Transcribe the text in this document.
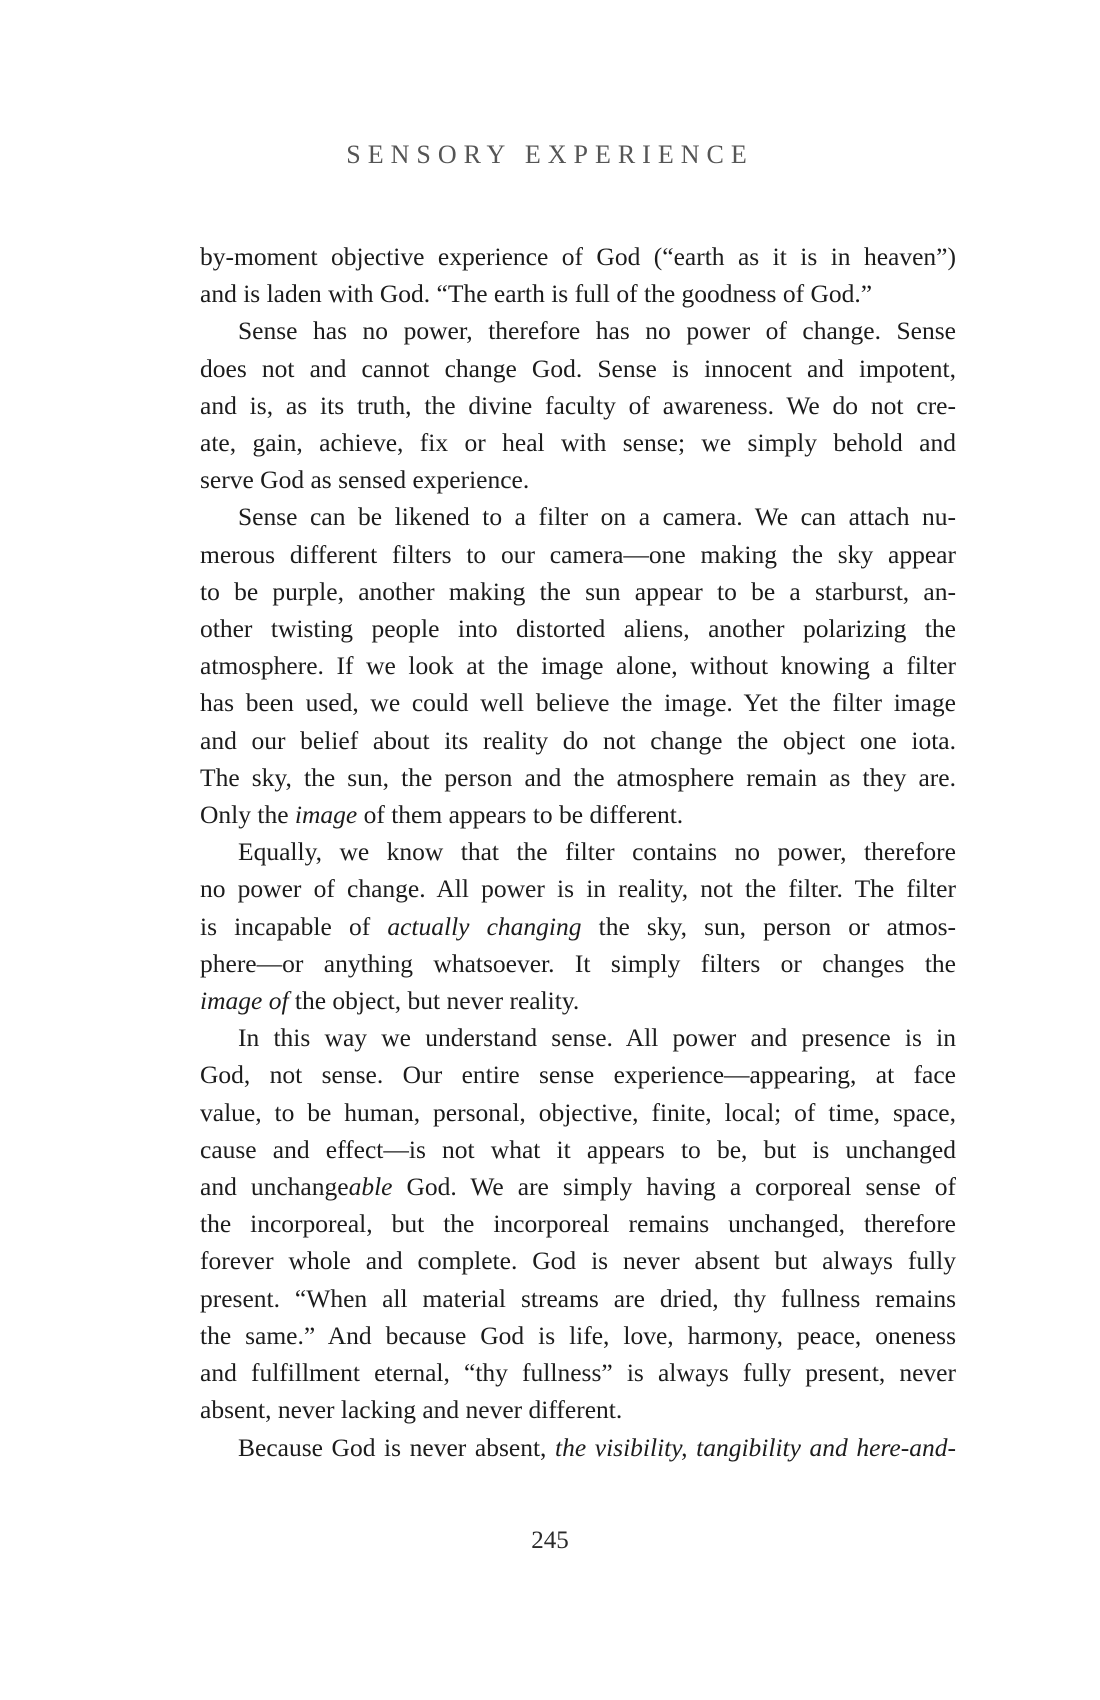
SENSORY EXPERIENCE

by-moment objective experience of God (“earth as it is in heaven”)
and is laden with God. “The earth is full of the goodness of God.”

Sense has no power, therefore has no power of change. Sense
does not and cannot change God. Sense is innocent and impotent,
and is, as its truth, the divine faculty of awareness. We do not cre-
ate, gain, achieve, fix or heal with sense; we simply behold and
serve God as sensed experience.

Sense can be likened to a filter on a camera. We can attach nu-
merous different filters to our camera—one making the sky appear
to be purple, another making the sun appear to be a starburst, an-
other twisting people into distorted aliens, another polarizing the
atmosphere. If we look at the image alone, without knowing a filter
has been used, we could well believe the image. Yet the filter image
and our belief about its reality do not change the object one iota.
The sky, the sun, the person and the atmosphere remain as they are.
Only the image of them appears to be different.

Equally, we know that the filter contains no power, therefore
no power of change. All power is in reality, not the filter. The filter
is incapable of actually changing the sky, sun, person or atmos-
phere—or anything whatsoever. It simply filters or changes the
image of the object, but never reality.

In this way we understand sense. All power and presence is in
God, not sense. Our entire sense experience—appearing, at face
value, to be human, personal, objective, finite, local; of time, space,
cause and effect—is not what it appears to be, but is unchanged
and unchangeable God. We are simply having a corporeal sense of
the incorporeal, but the incorporeal remains unchanged, therefore
forever whole and complete. God is never absent but always fully
present. “When all material streams are dried, thy fullness remains
the same.” And because God is life, love, harmony, peace, oneness
and fulfillment eternal, “thy fullness” is always fully present, never
absent, never lacking and never different.

Because God is never absent, the visibility, tangibility and here-and-

245
